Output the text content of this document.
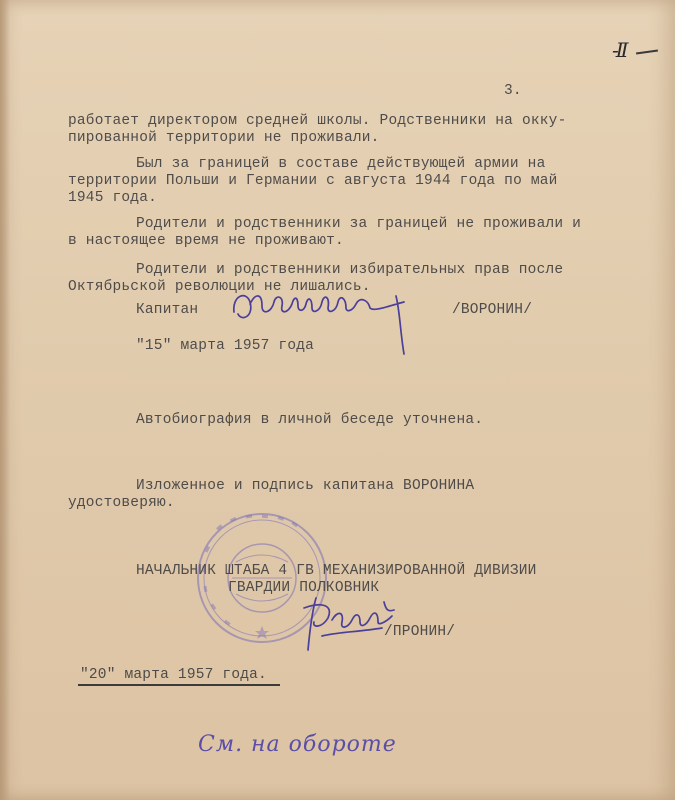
-II
3.
работает директором средней школы. Родственники на окку-
пированной территории не проживали.
Был за границей в составе действующей армии на
территории Польши и Германии с августа 1944 года по май
1945 года.
Родители и родственники за границей не проживали и
в настоящее время не проживают.
Родители и родственники избирательных прав после
Октябрьской революции не лишались.
Капитан	/ВОРОНИН/
"15" марта 1957 года
Автобиография в личной беседе уточнена.
Изложенное и подпись капитана ВОРОНИНА
удостоверяю.
НАЧАЛЬНИК ШТАБА 4 ГВ МЕХАНИЗИРОВАННОЙ ДИВИЗИИ
ГВАРДИИ ПОЛКОВНИК
/ПРОНИН/
"20" марта 1957 года.
См. на обороте
